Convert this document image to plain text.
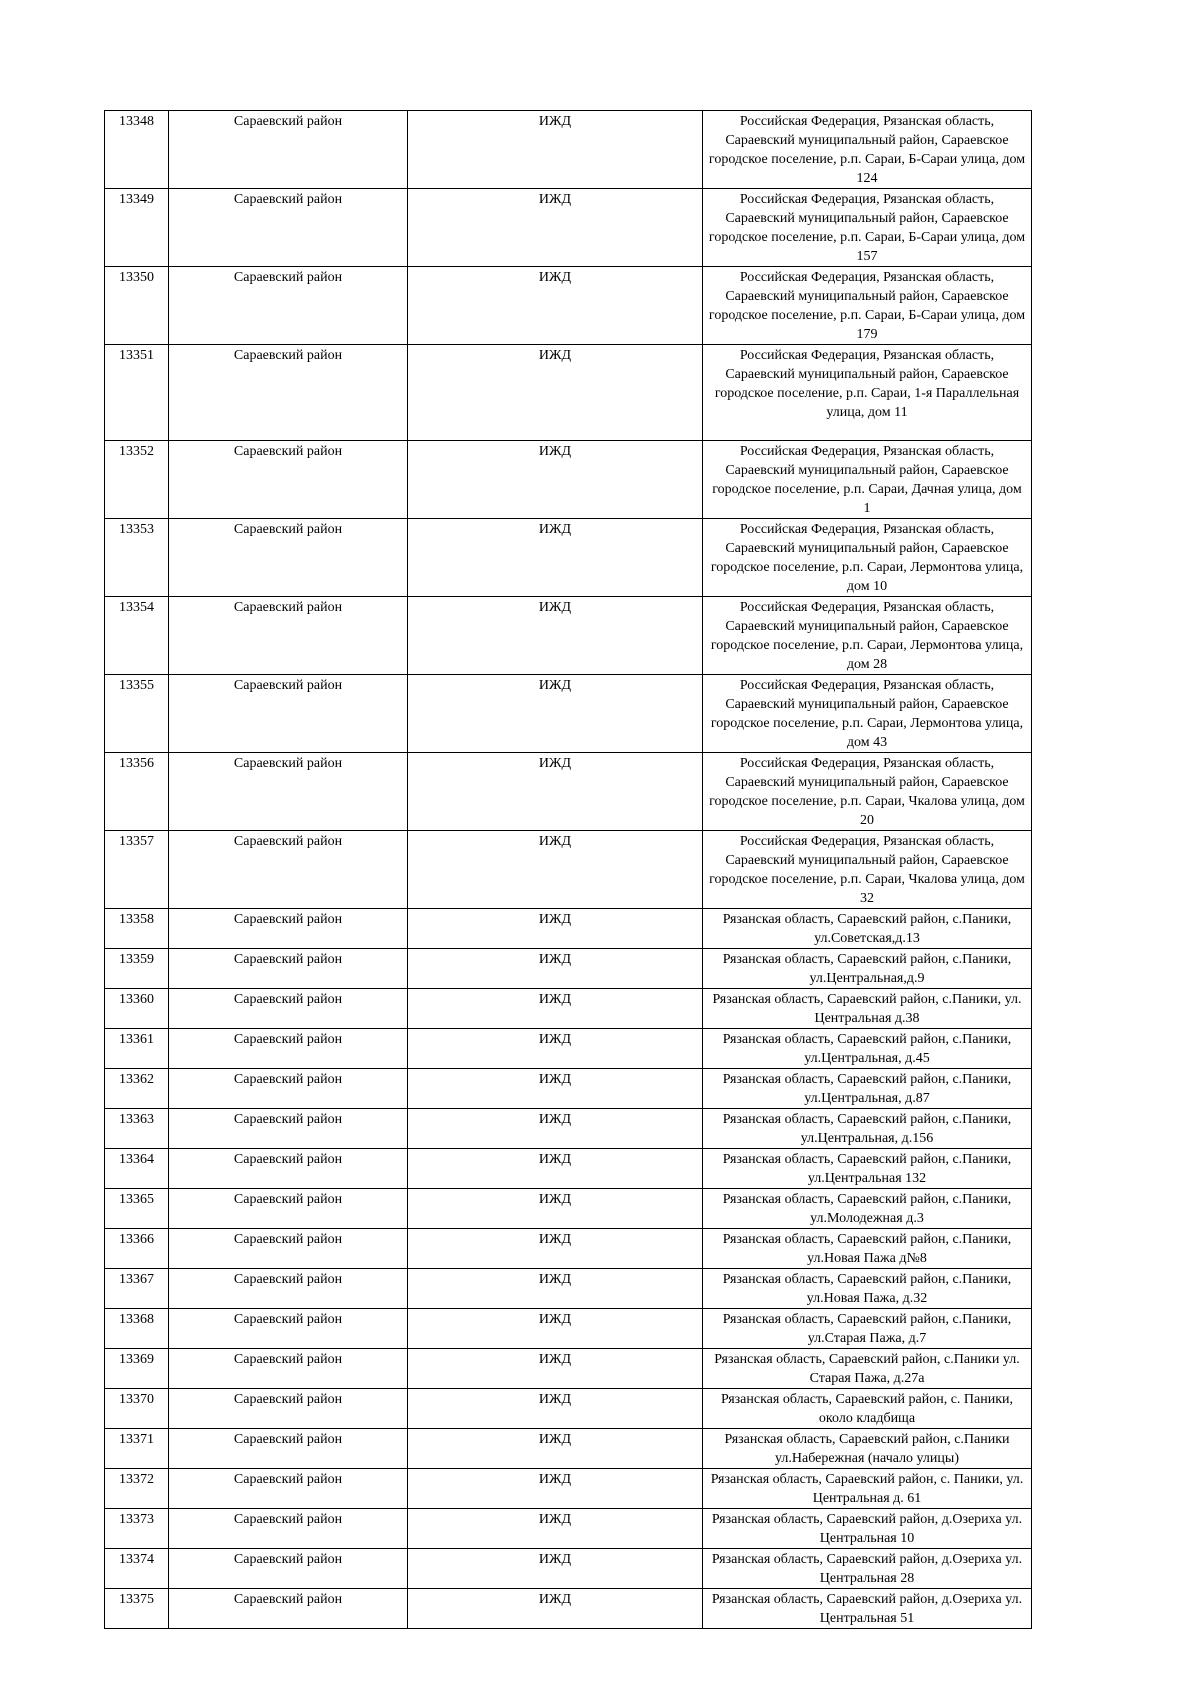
13348	Сараевский район	ИЖД	Российская Федерация, Рязанская область, Сараевский муниципальный район, Сараевское городское поселение, р.п. Сараи, Б-Сараи улица, дом 124
13349	Сараевский район	ИЖД	Российская Федерация, Рязанская область, Сараевский муниципальный район, Сараевское городское поселение, р.п. Сараи, Б-Сараи улица, дом 157
13350	Сараевский район	ИЖД	Российская Федерация, Рязанская область, Сараевский муниципальный район, Сараевское городское поселение, р.п. Сараи, Б-Сараи улица, дом 179
13351	Сараевский район	ИЖД	Российская Федерация, Рязанская область, Сараевский муниципальный район, Сараевское городское поселение, р.п. Сараи, 1-я Параллельная улица, дом 11
13352	Сараевский район	ИЖД	Российская Федерация, Рязанская область, Сараевский муниципальный район, Сараевское городское поселение, р.п. Сараи, Дачная улица, дом 1
13353	Сараевский район	ИЖД	Российская Федерация, Рязанская область, Сараевский муниципальный район, Сараевское городское поселение, р.п. Сараи, Лермонтова улица, дом 10
13354	Сараевский район	ИЖД	Российская Федерация, Рязанская область, Сараевский муниципальный район, Сараевское городское поселение, р.п. Сараи, Лермонтова улица, дом 28
13355	Сараевский район	ИЖД	Российская Федерация, Рязанская область, Сараевский муниципальный район, Сараевское городское поселение, р.п. Сараи, Лермонтова улица, дом 43
13356	Сараевский район	ИЖД	Российская Федерация, Рязанская область, Сараевский муниципальный район, Сараевское городское поселение, р.п. Сараи, Чкалова улица, дом 20
13357	Сараевский район	ИЖД	Российская Федерация, Рязанская область, Сараевский муниципальный район, Сараевское городское поселение, р.п. Сараи, Чкалова улица, дом 32
13358	Сараевский район	ИЖД	Рязанская область, Сараевский район, с.Паники, ул.Советская,д.13
13359	Сараевский район	ИЖД	Рязанская область, Сараевский район, с.Паники, ул.Центральная,д.9
13360	Сараевский район	ИЖД	Рязанская область, Сараевский район, с.Паники, ул. Центральная д.38
13361	Сараевский район	ИЖД	Рязанская область, Сараевский район, с.Паники, ул.Центральная, д.45
13362	Сараевский район	ИЖД	Рязанская область, Сараевский район, с.Паники, ул.Центральная, д.87
13363	Сараевский район	ИЖД	Рязанская область, Сараевский район, с.Паники, ул.Центральная, д.156
13364	Сараевский район	ИЖД	Рязанская область, Сараевский район, с.Паники, ул.Центральная 132
13365	Сараевский район	ИЖД	Рязанская область, Сараевский район, с.Паники, ул.Молодежная д.3
13366	Сараевский район	ИЖД	Рязанская область, Сараевский район, с.Паники, ул.Новая Пажа д№8
13367	Сараевский район	ИЖД	Рязанская область, Сараевский район, с.Паники, ул.Новая Пажа, д.32
13368	Сараевский район	ИЖД	Рязанская область, Сараевский район, с.Паники, ул.Старая Пажа, д.7
13369	Сараевский район	ИЖД	Рязанская область, Сараевский район, с.Паники ул. Старая Пажа, д.27а
13370	Сараевский район	ИЖД	Рязанская область, Сараевский район, с. Паники, около кладбища
13371	Сараевский район	ИЖД	Рязанская область, Сараевский район, с.Паники ул.Набережная (начало улицы)
13372	Сараевский район	ИЖД	Рязанская область, Сараевский район, с. Паники, ул. Центральная д. 61
13373	Сараевский район	ИЖД	Рязанская область, Сараевский район, д.Озериха ул. Центральная 10
13374	Сараевский район	ИЖД	Рязанская область, Сараевский район, д.Озериха ул. Центральная 28
13375	Сараевский район	ИЖД	Рязанская область, Сараевский район, д.Озериха ул. Центральная 51
